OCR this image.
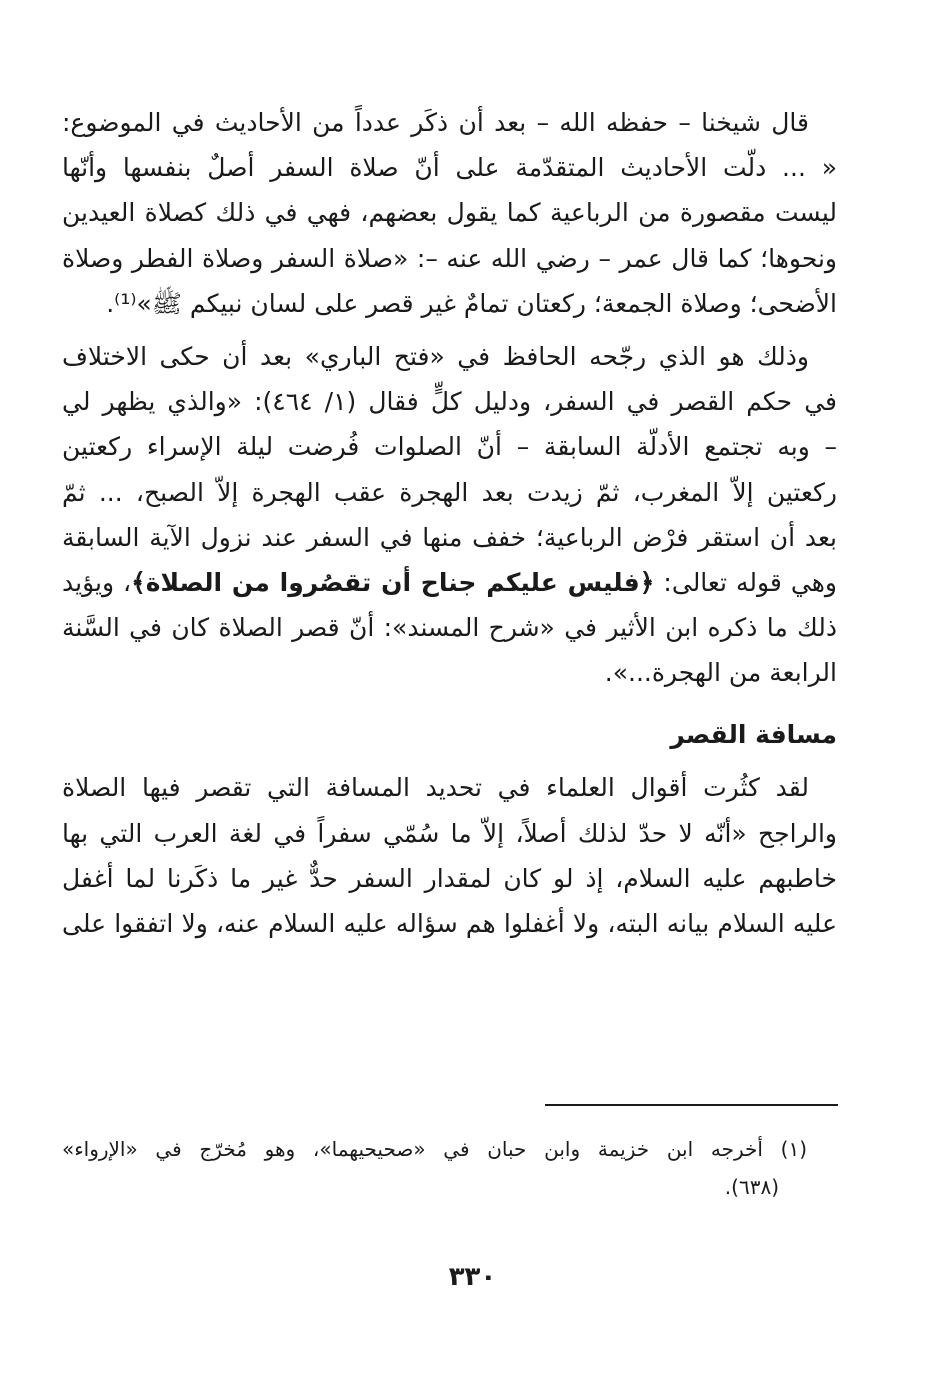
قال شيخنا – حفظه الله – بعد أن ذكَر عدداً من الأحاديث في الموضوع:
« ... دلّت الأحاديث المتقدّمة على أنّ صلاة السفر أصلٌ بنفسها وأنّها
ليست مقصورة من الرباعية كما يقول بعضهم، فهي في ذلك كصلاة العيدين
ونحوها؛ كما قال عمر – رضي الله عنه –: «صلاة السفر وصلاة الفطر وصلاة
الأضحى؛ وصلاة الجمعة؛ ركعتان تمامٌ غير قصر على لسان نبيكم ﷺ»⁽¹⁾.
وذلك هو الذي رجّحه الحافظ في «فتح الباري» بعد أن حكى الاختلاف
في حكم القصر في السفر، ودليل كلٍّ فقال (١/ ٤٦٤): «والذي يظهر لي
– وبه تجتمع الأدلّة السابقة – أنّ الصلوات فُرضت ليلة الإسراء ركعتين
ركعتين إلاّ المغرب، ثمّ زيدت بعد الهجرة عقب الهجرة إلاّ الصبح، ... ثمّ
بعد أن استقر فرْض الرباعية؛ خفف منها في السفر عند نزول الآية السابقة
وهي قوله تعالى: ﴿فليس عليكم جناح أن تقصُروا من الصلاة﴾، ويؤيد
ذلك ما ذكره ابن الأثير في «شرح المسند»: أنّ قصر الصلاة كان في السَّنة
الرابعة من الهجرة...».
مسافة القصر
لقد كثُرت أقوال العلماء في تحديد المسافة التي تقصر فيها الصلاة
والراجح «أنّه لا حدّ لذلك أصلاً، إلاّ ما سُمّي سفراً في لغة العرب التي بها
خاطبهم عليه السلام، إذ لو كان لمقدار السفر حدٌّ غير ما ذكَرنا لما أغفل
عليه السلام بيانه البته، ولا أغفلوا هم سؤاله عليه السلام عنه، ولا اتفقوا على
(١) أخرجه ابن خزيمة وابن حبان في «صحيحيهما»، وهو مُخرّج في «الإرواء»
(٦٣٨).
٣٣٠
